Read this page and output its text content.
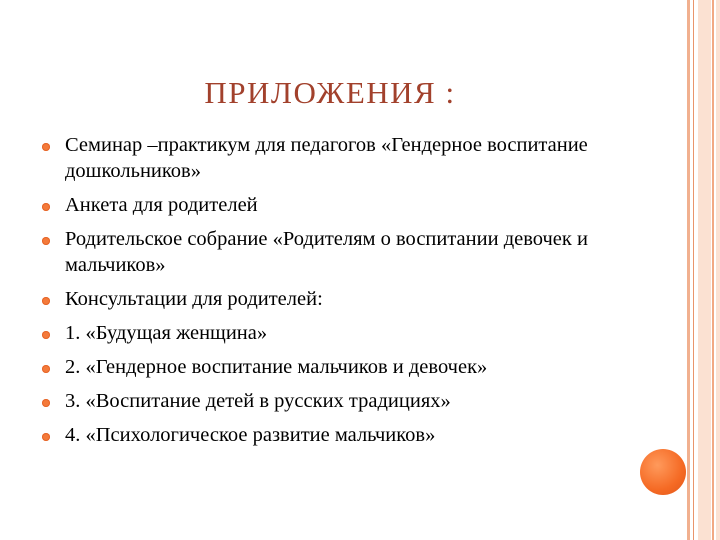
ПРИЛОЖЕНИЯ :
Семинар –практикум для педагогов «Гендерное воспитание дошкольников»
Анкета для родителей
Родительское собрание «Родителям о воспитании девочек и мальчиков»
Консультации для родителей:
1. «Будущая женщина»
2. «Гендерное воспитание мальчиков и девочек»
3. «Воспитание детей в русских традициях»
4. «Психологическое развитие мальчиков»
